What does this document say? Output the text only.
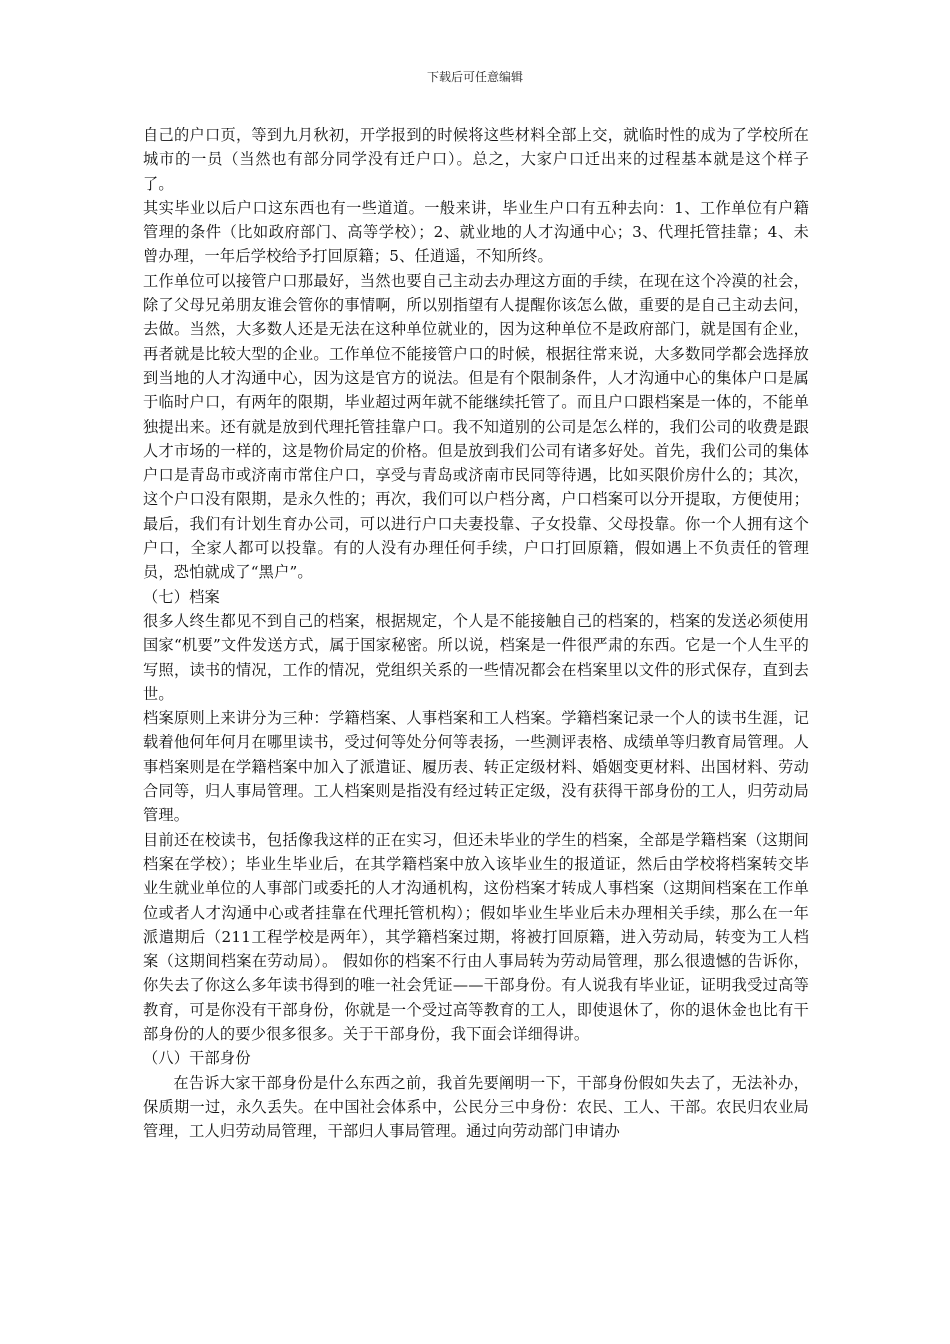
下载后可任意编辑

自己的户口页，等到九月秋初，开学报到的时候将这些材料全部上交，就临时性的成为了学校所在城市的一员（当然也有部分同学没有迁户口）。总之，大家户口迁出来的过程基本就是这个样子了。

其实毕业以后户口这东西也有一些道道。一般来讲，毕业生户口有五种去向：1、工作单位有户籍管理的条件（比如政府部门、高等学校）；2、就业地的人才沟通中心；3、代理托管挂靠；4、未曾办理，一年后学校给予打回原籍；5、任逍遥，不知所终。

工作单位可以接管户口那最好，当然也要自己主动去办理这方面的手续，在现在这个冷漠的社会，除了父母兄弟朋友谁会管你的事情啊，所以别指望有人提醒你该怎么做，重要的是自己主动去问，去做。当然，大多数人还是无法在这种单位就业的，因为这种单位不是政府部门，就是国有企业，再者就是比较大型的企业。工作单位不能接管户口的时候，根据往常来说，大多数同学都会选择放到当地的人才沟通中心，因为这是官方的说法。但是有个限制条件，人才沟通中心的集体户口是属于临时户口，有两年的限期，毕业超过两年就不能继续托管了。而且户口跟档案是一体的，不能单独提出来。还有就是放到代理托管挂靠户口。我不知道别的公司是怎么样的，我们公司的收费是跟人才市场的一样的，这是物价局定的价格。但是放到我们公司有诸多好处。首先，我们公司的集体户口是青岛市或济南市常住户口，享受与青岛或济南市民同等待遇，比如买限价房什么的；其次，这个户口没有限期，是永久性的；再次，我们可以户档分离，户口档案可以分开提取，方便使用；最后，我们有计划生育办公司，可以进行户口夫妻投靠、子女投靠、父母投靠。你一个人拥有这个户口，全家人都可以投靠。有的人没有办理任何手续，户口打回原籍，假如遇上不负责任的管理员，恐怕就成了“黑户”。

（七）档案

很多人终生都见不到自己的档案，根据规定，个人是不能接触自己的档案的，档案的发送必须使用国家“机要”文件发送方式，属于国家秘密。所以说，档案是一件很严肃的东西。它是一个人生平的写照，读书的情况，工作的情况，党组织关系的一些情况都会在档案里以文件的形式保存，直到去世。

档案原则上来讲分为三种：学籍档案、人事档案和工人档案。学籍档案记录一个人的读书生涯，记载着他何年何月在哪里读书，受过何等处分何等表扬，一些测评表格、成绩单等归教育局管理。人事档案则是在学籍档案中加入了派遣证、履历表、转正定级材料、婚姻变更材料、出国材料、劳动合同等，归人事局管理。工人档案则是指没有经过转正定级，没有获得干部身份的工人，归劳动局管理。

目前还在校读书，包括像我这样的正在实习，但还未毕业的学生的档案，全部是学籍档案（这期间档案在学校）；毕业生毕业后，在其学籍档案中放入该毕业生的报道证，然后由学校将档案转交毕业生就业单位的人事部门或委托的人才沟通机构，这份档案才转成人事档案（这期间档案在工作单位或者人才沟通中心或者挂靠在代理托管机构）；假如毕业生毕业后未办理相关手续，那么在一年派遣期后（211工程学校是两年），其学籍档案过期，将被打回原籍，进入劳动局，转变为工人档案（这期间档案在劳动局）。 假如你的档案不行由人事局转为劳动局管理，那么很遗憾的告诉你，你失去了你这么多年读书得到的唯一社会凭证——干部身份。有人说我有毕业证，证明我受过高等教育，可是你没有干部身份，你就是一个受过高等教育的工人，即使退休了，你的退休金也比有干部身份的人的要少很多很多。关于干部身份，我下面会详细得讲。

（八）干部身份

在告诉大家干部身份是什么东西之前，我首先要阐明一下，干部身份假如失去了，无法补办，保质期一过，永久丢失。在中国社会体系中，公民分三中身份：农民、工人、干部。农民归农业局管理，工人归劳动局管理，干部归人事局管理。通过向劳动部门申请办
